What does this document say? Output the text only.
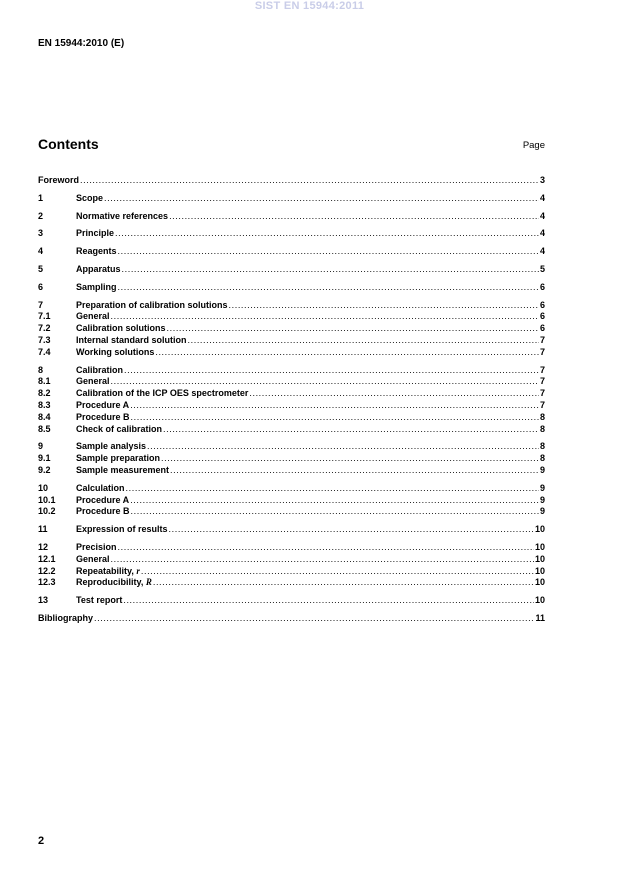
SIST EN 15944:2011
EN 15944:2010 (E)
Contents	Page
Foreword .....	3
1	Scope .....	4
2	Normative references .....	4
3	Principle .....	4
4	Reagents .....	4
5	Apparatus .....	5
6	Sampling .....	6
7	Preparation of calibration solutions .....	6
7.1	General .....	6
7.2	Calibration solutions .....	6
7.3	Internal standard solution .....	7
7.4	Working solutions .....	7
8	Calibration .....	7
8.1	General .....	7
8.2	Calibration of the ICP OES spectrometer .....	7
8.3	Procedure A .....	7
8.4	Procedure B .....	8
8.5	Check of calibration .....	8
9	Sample analysis .....	8
9.1	Sample preparation .....	8
9.2	Sample measurement .....	9
10	Calculation .....	9
10.1	Procedure A .....	9
10.2	Procedure B .....	9
11	Expression of results .....	10
12	Precision .....	10
12.1	General .....	10
12.2	Repeatability, r .....	10
12.3	Reproducibility, R .....	10
13	Test report .....	10
Bibliography .....	11
2
